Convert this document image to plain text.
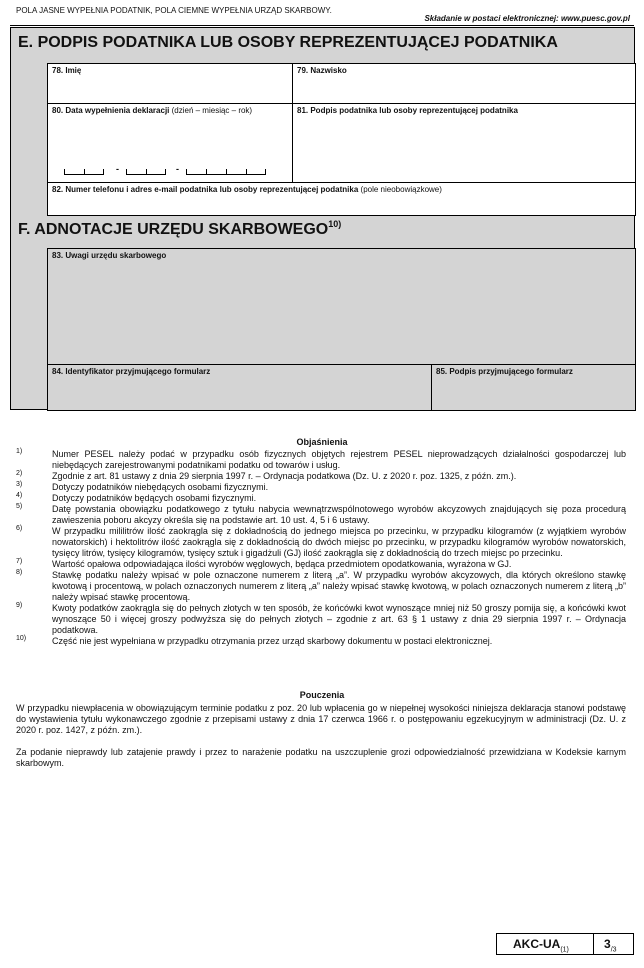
POLA JASNE WYPEŁNIA PODATNIK, POLA CIEMNE WYPEŁNIA URZĄD SKARBOWY.
Składanie w postaci elektronicznej: www.puesc.gov.pl
E. PODPIS PODATNIKA LUB OSOBY REPREZENTUJĄCEJ PODATNIKA
78. Imię	79. Nazwisko
80. Data wypełnienia deklaracji (dzień – miesiąc – rok)
-	-
81. Podpis podatnika lub osoby reprezentującej podatnika
82. Numer telefonu i adres e-mail podatnika lub osoby reprezentującej podatnika (pole nieobowiązkowe)
F. ADNOTACJE URZĘDU SKARBOWEGO$^{10)}$
83. Uwagi urzędu skarbowego
84. Identyfikator przyjmującego formularz	85. Podpis przyjmującego formularz
Objaśnienia
1)	Numer PESEL należy podać w przypadku osób fizycznych objętych rejestrem PESEL nieprowadzących działalności gospodarczej lub niebędących zarejestrowanymi podatnikami podatku od towarów i usług.
2)	Zgodnie z art. 81 ustawy z dnia 29 sierpnia 1997 r. – Ordynacja podatkowa (Dz. U. z 2020 r. poz. 1325, z późn. zm.).
3)	Dotyczy podatników niebędących osobami fizycznymi.
4)	Dotyczy podatników będących osobami fizycznymi.
5)	Datę powstania obowiązku podatkowego z tytułu nabycia wewnątrzwspólnotowego wyrobów akcyzowych znajdujących się poza procedurą zawieszenia poboru akcyzy określa się na podstawie art. 10 ust. 4, 5 i 6 ustawy.
6)	W przypadku mililitrów ilość zaokrągla się z dokładnością do jednego miejsca po przecinku, w przypadku kilogramów (z wyjątkiem wyrobów nowatorskich) i hektolitrów ilość zaokrągla się z dokładnością do dwóch miejsc po przecinku, w przypadku kilogramów wyrobów nowatorskich, tysięcy litrów, tysięcy kilogramów, tysięcy sztuk i gigadżuli (GJ) ilość zaokrągla się z dokładnością do trzech miejsc po przecinku.
7)	Wartość opałowa odpowiadająca ilości wyrobów węglowych, będąca przedmiotem opodatkowania, wyrażona w GJ.
8)	Stawkę podatku należy wpisać w pole oznaczone numerem z literą „a”. W przypadku wyrobów akcyzowych, dla których określono stawkę kwotową i procentową, w polach oznaczonych numerem z literą „a” należy wpisać stawkę kwotową, w polach oznaczonych numerem z literą „b” należy wpisać stawkę procentową.
9)	Kwoty podatków zaokrągla się do pełnych złotych w ten sposób, że końcówki kwot wynoszące mniej niż 50 groszy pomija się, a końcówki kwot wynoszące 50 i więcej groszy podwyższa się do pełnych złotych – zgodnie z art. 63 § 1 ustawy z dnia 29 sierpnia 1997 r. – Ordynacja podatkowa.
10)	Część nie jest wypełniana w przypadku otrzymania przez urząd skarbowy dokumentu w postaci elektronicznej.
Pouczenia
W przypadku niewpłacenia w obowiązującym terminie podatku z poz. 20 lub wpłacenia go w niepełnej wysokości niniejsza deklaracja stanowi podstawę do wystawienia tytułu wykonawczego zgodnie z przepisami ustawy z dnia 17 czerwca 1966 r. o postępowaniu egzekucyjnym w administracji (Dz. U. z 2020 r. poz. 1427, z późn. zm.).
Za podanie nieprawdy lub zatajenie prawdy i przez to narażenie podatku na uszczuplenie grozi odpowiedzialność przewidziana w Kodeksie karnym skarbowym.
AKC-$UA_{(1)}$	$3_{/3}$
